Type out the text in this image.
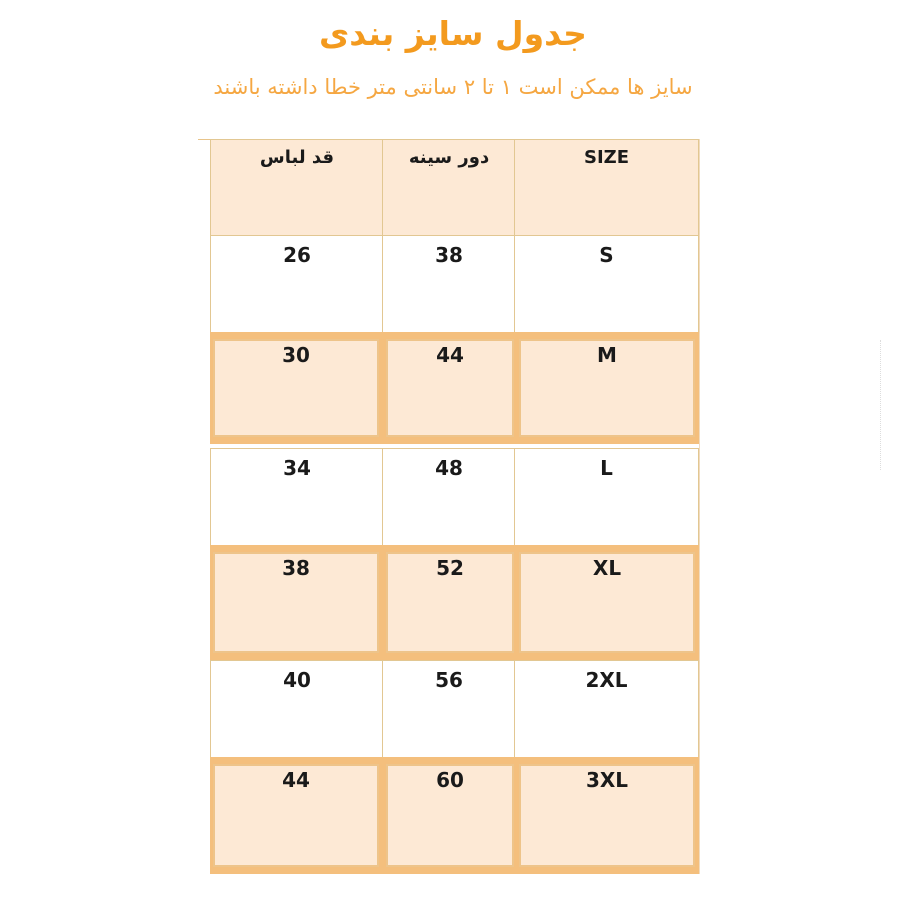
جدول سایز بندی
سایز ها ممکن است ۱ تا ۲ سانتی متر خطا داشته باشند
قد لباس	دور سینه	SIZE
26	38	S
30	44	M
34	48	L
38	52	XL
40	56	2XL
44	60	3XL
